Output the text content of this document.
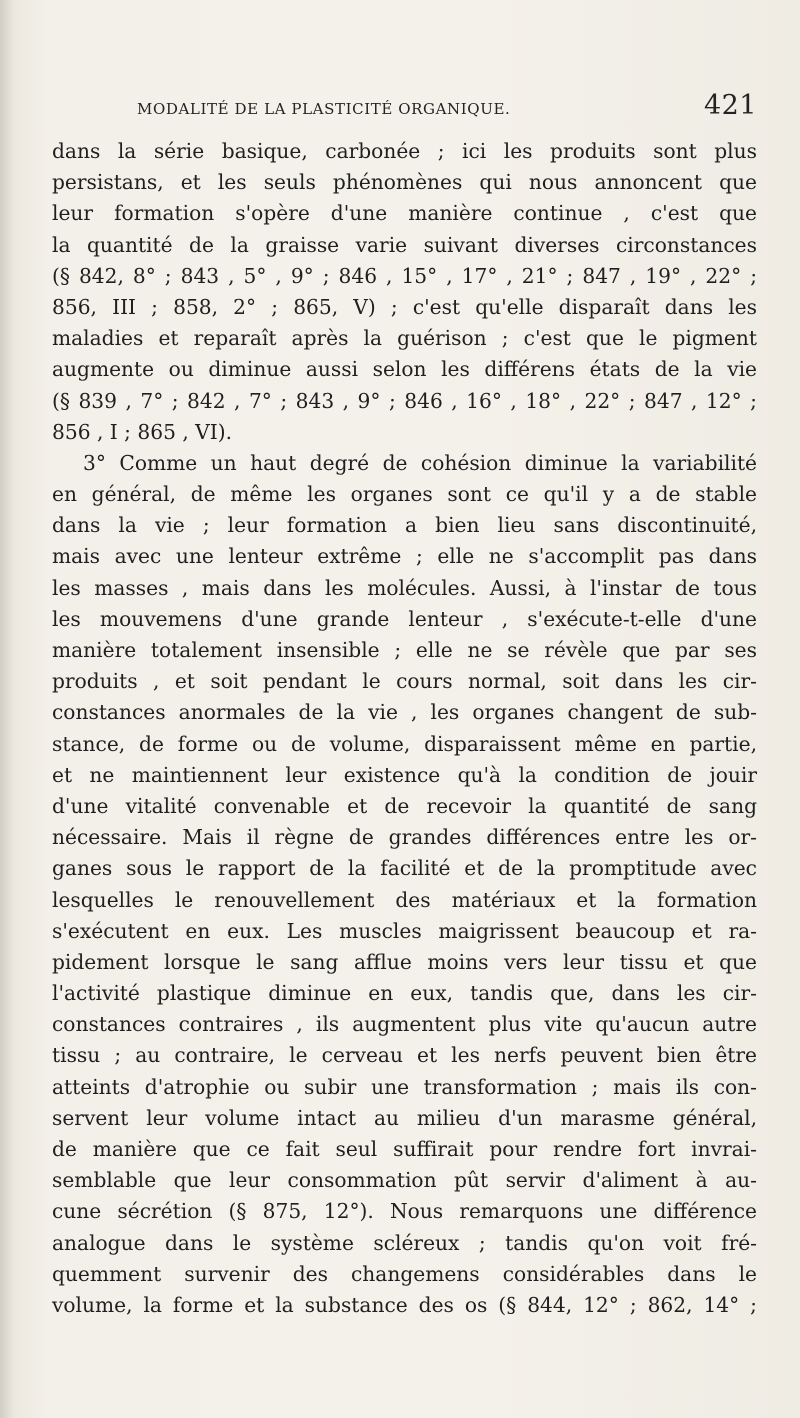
MODALITÉ DE LA PLASTICITÉ ORGANIQUE.	421
dans la série basique, carbonée ; ici les produits sont plus
persistans, et les seuls phénomènes qui nous annoncent que
leur formation s'opère d'une manière continue , c'est que
la quantité de la graisse varie suivant diverses circonstances
(§ 842, 8° ; 843 , 5° , 9° ; 846 , 15° , 17° , 21° ; 847 , 19° , 22° ;
856, III ; 858, 2° ; 865, V) ; c'est qu'elle disparaît dans les
maladies et reparaît après la guérison ; c'est que le pigment
augmente ou diminue aussi selon les différens états de la vie
(§ 839 , 7° ; 842 , 7° ; 843 , 9° ; 846 , 16° , 18° , 22° ; 847 , 12° ;
856 , I ; 865 , VI).
3° Comme un haut degré de cohésion diminue la variabilité
en général, de même les organes sont ce qu'il y a de stable
dans la vie ; leur formation a bien lieu sans discontinuité,
mais avec une lenteur extrême ; elle ne s'accomplit pas dans
les masses , mais dans les molécules. Aussi, à l'instar de tous
les mouvemens d'une grande lenteur , s'exécute-t-elle d'une
manière totalement insensible ; elle ne se révèle que par ses
produits , et soit pendant le cours normal, soit dans les cir-
constances anormales de la vie , les organes changent de sub-
stance, de forme ou de volume, disparaissent même en partie,
et ne maintiennent leur existence qu'à la condition de jouir
d'une vitalité convenable et de recevoir la quantité de sang
nécessaire. Mais il règne de grandes différences entre les or-
ganes sous le rapport de la facilité et de la promptitude avec
lesquelles le renouvellement des matériaux et la formation
s'exécutent en eux. Les muscles maigrissent beaucoup et ra-
pidement lorsque le sang afflue moins vers leur tissu et que
l'activité plastique diminue en eux, tandis que, dans les cir-
constances contraires , ils augmentent plus vite qu'aucun autre
tissu ; au contraire, le cerveau et les nerfs peuvent bien être
atteints d'atrophie ou subir une transformation ; mais ils con-
servent leur volume intact au milieu d'un marasme général,
de manière que ce fait seul suffirait pour rendre fort invrai-
semblable que leur consommation pût servir d'aliment à au-
cune sécrétion (§ 875, 12°). Nous remarquons une différence
analogue dans le système scléreux ; tandis qu'on voit fré-
quemment survenir des changemens considérables dans le
volume, la forme et la substance des os (§ 844, 12° ; 862, 14° ;
